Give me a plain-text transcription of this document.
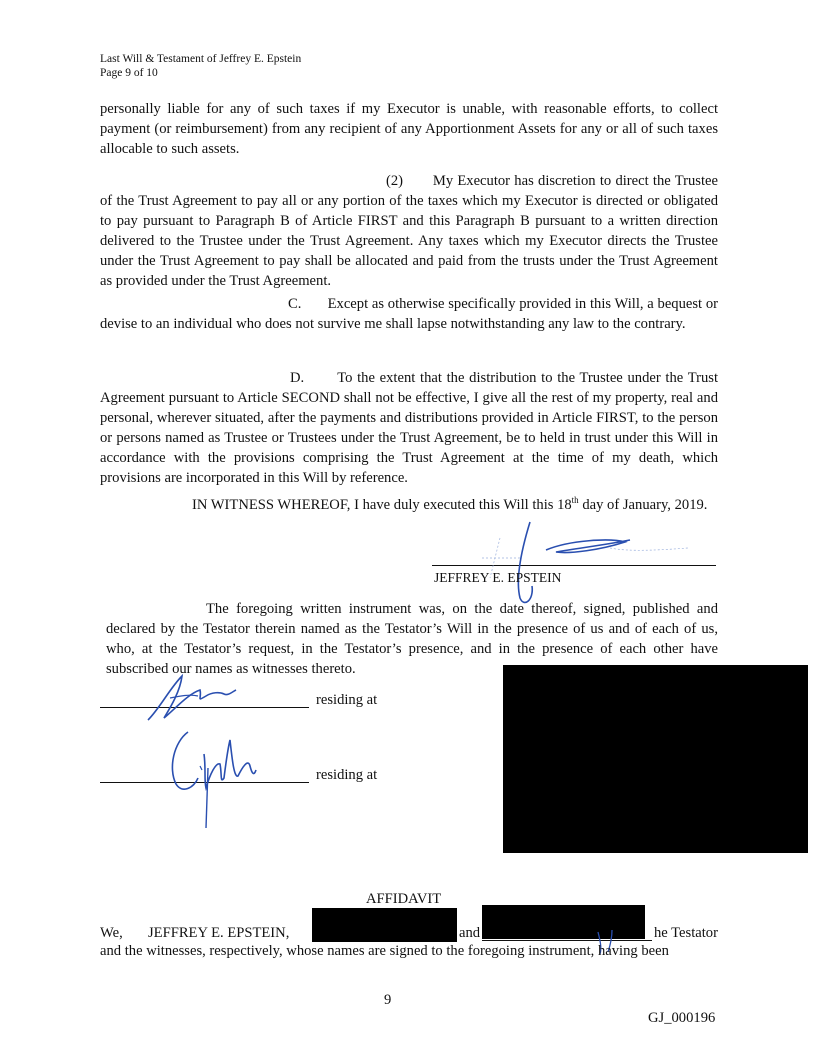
Last Will & Testament of Jeffrey E. Epstein
Page 9 of 10

personally liable for any of such taxes if my Executor is unable, with reasonable efforts, to collect payment (or reimbursement) from any recipient of any Apportionment Assets for any or all of such taxes allocable to such assets.

(2)       My Executor has discretion to direct the Trustee of the Trust Agreement to pay all or any portion of the taxes which my Executor is directed or obligated to pay pursuant to Paragraph B of Article FIRST and this Paragraph B pursuant to a written direction delivered to the Trustee under the Trust Agreement. Any taxes which my Executor directs the Trustee under the Trust Agreement to pay shall be allocated and paid from the trusts under the Trust Agreement as provided under the Trust Agreement.

C.       Except as otherwise specifically provided in this Will, a bequest or devise to an individual who does not survive me shall lapse notwithstanding any law to the contrary.

D.       To the extent that the distribution to the Trustee under the Trust Agreement pursuant to Article SECOND shall not be effective, I give all the rest of my property, real and personal, wherever situated, after the payments and distributions provided in Article FIRST, to the person or persons named as Trustee or Trustees under the Trust Agreement, be to held in trust under this Will in accordance with the provisions comprising the Trust Agreement at the time of my death, which provisions are incorporated in this Will by reference.

IN WITNESS WHEREOF, I have duly executed this Will this 18th day of January, 2019.

JEFFREY E. EPSTEIN

The foregoing written instrument was, on the date thereof, signed, published and declared by the Testator therein named as the Testator’s Will in the presence of us and of each of us, who, at the Testator’s request, in the Testator’s presence, and in the presence of each other have subscribed our names as witnesses thereto.

residing at
residing at
AFFIDAVIT
We, JEFFREY E. EPSTEIN,	and	he Testator
and the witnesses, respectively, whose names are signed to the foregoing instrument, having been
9
GJ_000196
